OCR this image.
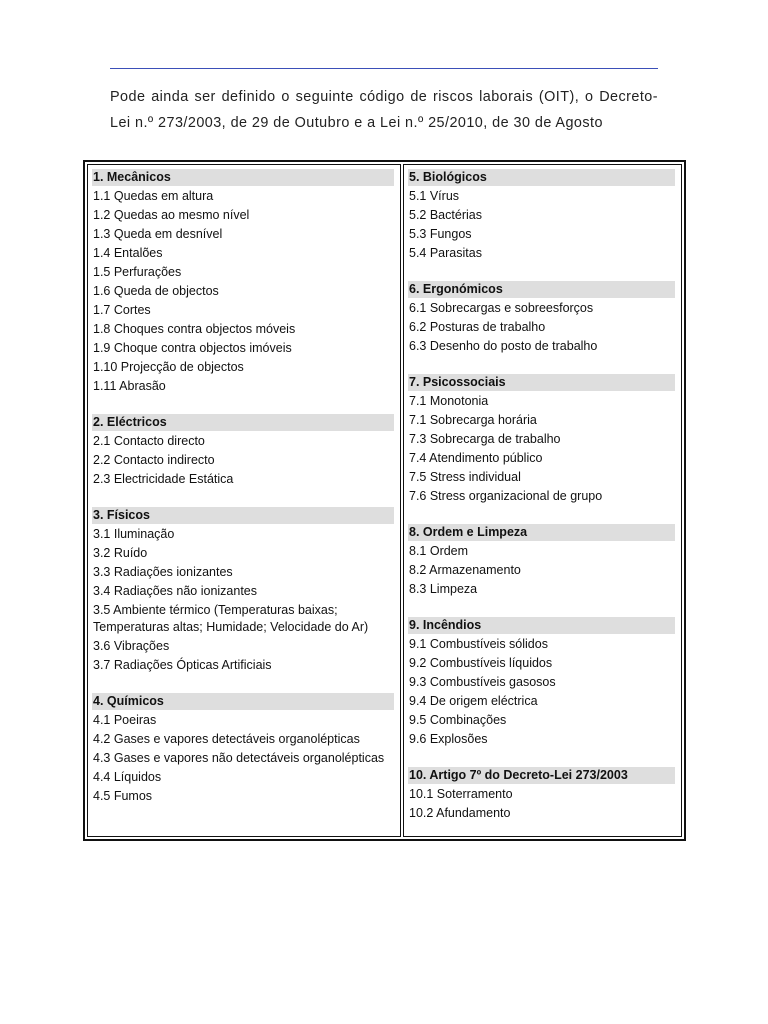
Pode ainda ser definido o seguinte código de riscos laborais (OIT), o Decreto-Lei n.º 273/2003, de 29 de Outubro e a Lei n.º 25/2010, de 30 de Agosto

1. Mecânicos
1.1 Quedas em altura
1.2 Quedas ao mesmo nível
1.3 Queda em desnível
1.4 Entalões
1.5 Perfurações
1.6 Queda de objectos
1.7 Cortes
1.8 Choques contra objectos móveis
1.9 Choque contra objectos imóveis
1.10 Projecção de objectos
1.11 Abrasão
2. Eléctricos
2.1 Contacto directo
2.2 Contacto indirecto
2.3 Electricidade Estática
3. Físicos
3.1 Iluminação
3.2 Ruído
3.3 Radiações ionizantes
3.4 Radiações não ionizantes
3.5 Ambiente térmico (Temperaturas baixas; Temperaturas altas; Humidade; Velocidade do Ar)
3.6 Vibrações
3.7 Radiações Ópticas Artificiais
4. Químicos
4.1 Poeiras
4.2 Gases e vapores detectáveis organolépticas
4.3 Gases e vapores não detectáveis organolépticas
4.4 Líquidos
4.5 Fumos
5. Biológicos
5.1 Vírus
5.2 Bactérias
5.3 Fungos
5.4 Parasitas
6. Ergonómicos
6.1 Sobrecargas e sobreesforços
6.2 Posturas de trabalho
6.3 Desenho do posto de trabalho
7. Psicossociais
7.1 Monotonia
7.1 Sobrecarga horária
7.3 Sobrecarga de trabalho
7.4 Atendimento público
7.5 Stress individual
7.6 Stress organizacional de grupo
8. Ordem e Limpeza
8.1 Ordem
8.2 Armazenamento
8.3 Limpeza
9. Incêndios
9.1 Combustíveis sólidos
9.2 Combustíveis líquidos
9.3 Combustíveis gasosos
9.4 De origem eléctrica
9.5 Combinações
9.6 Explosões
10. Artigo 7º do Decreto-Lei 273/2003
10.1 Soterramento
10.2 Afundamento
